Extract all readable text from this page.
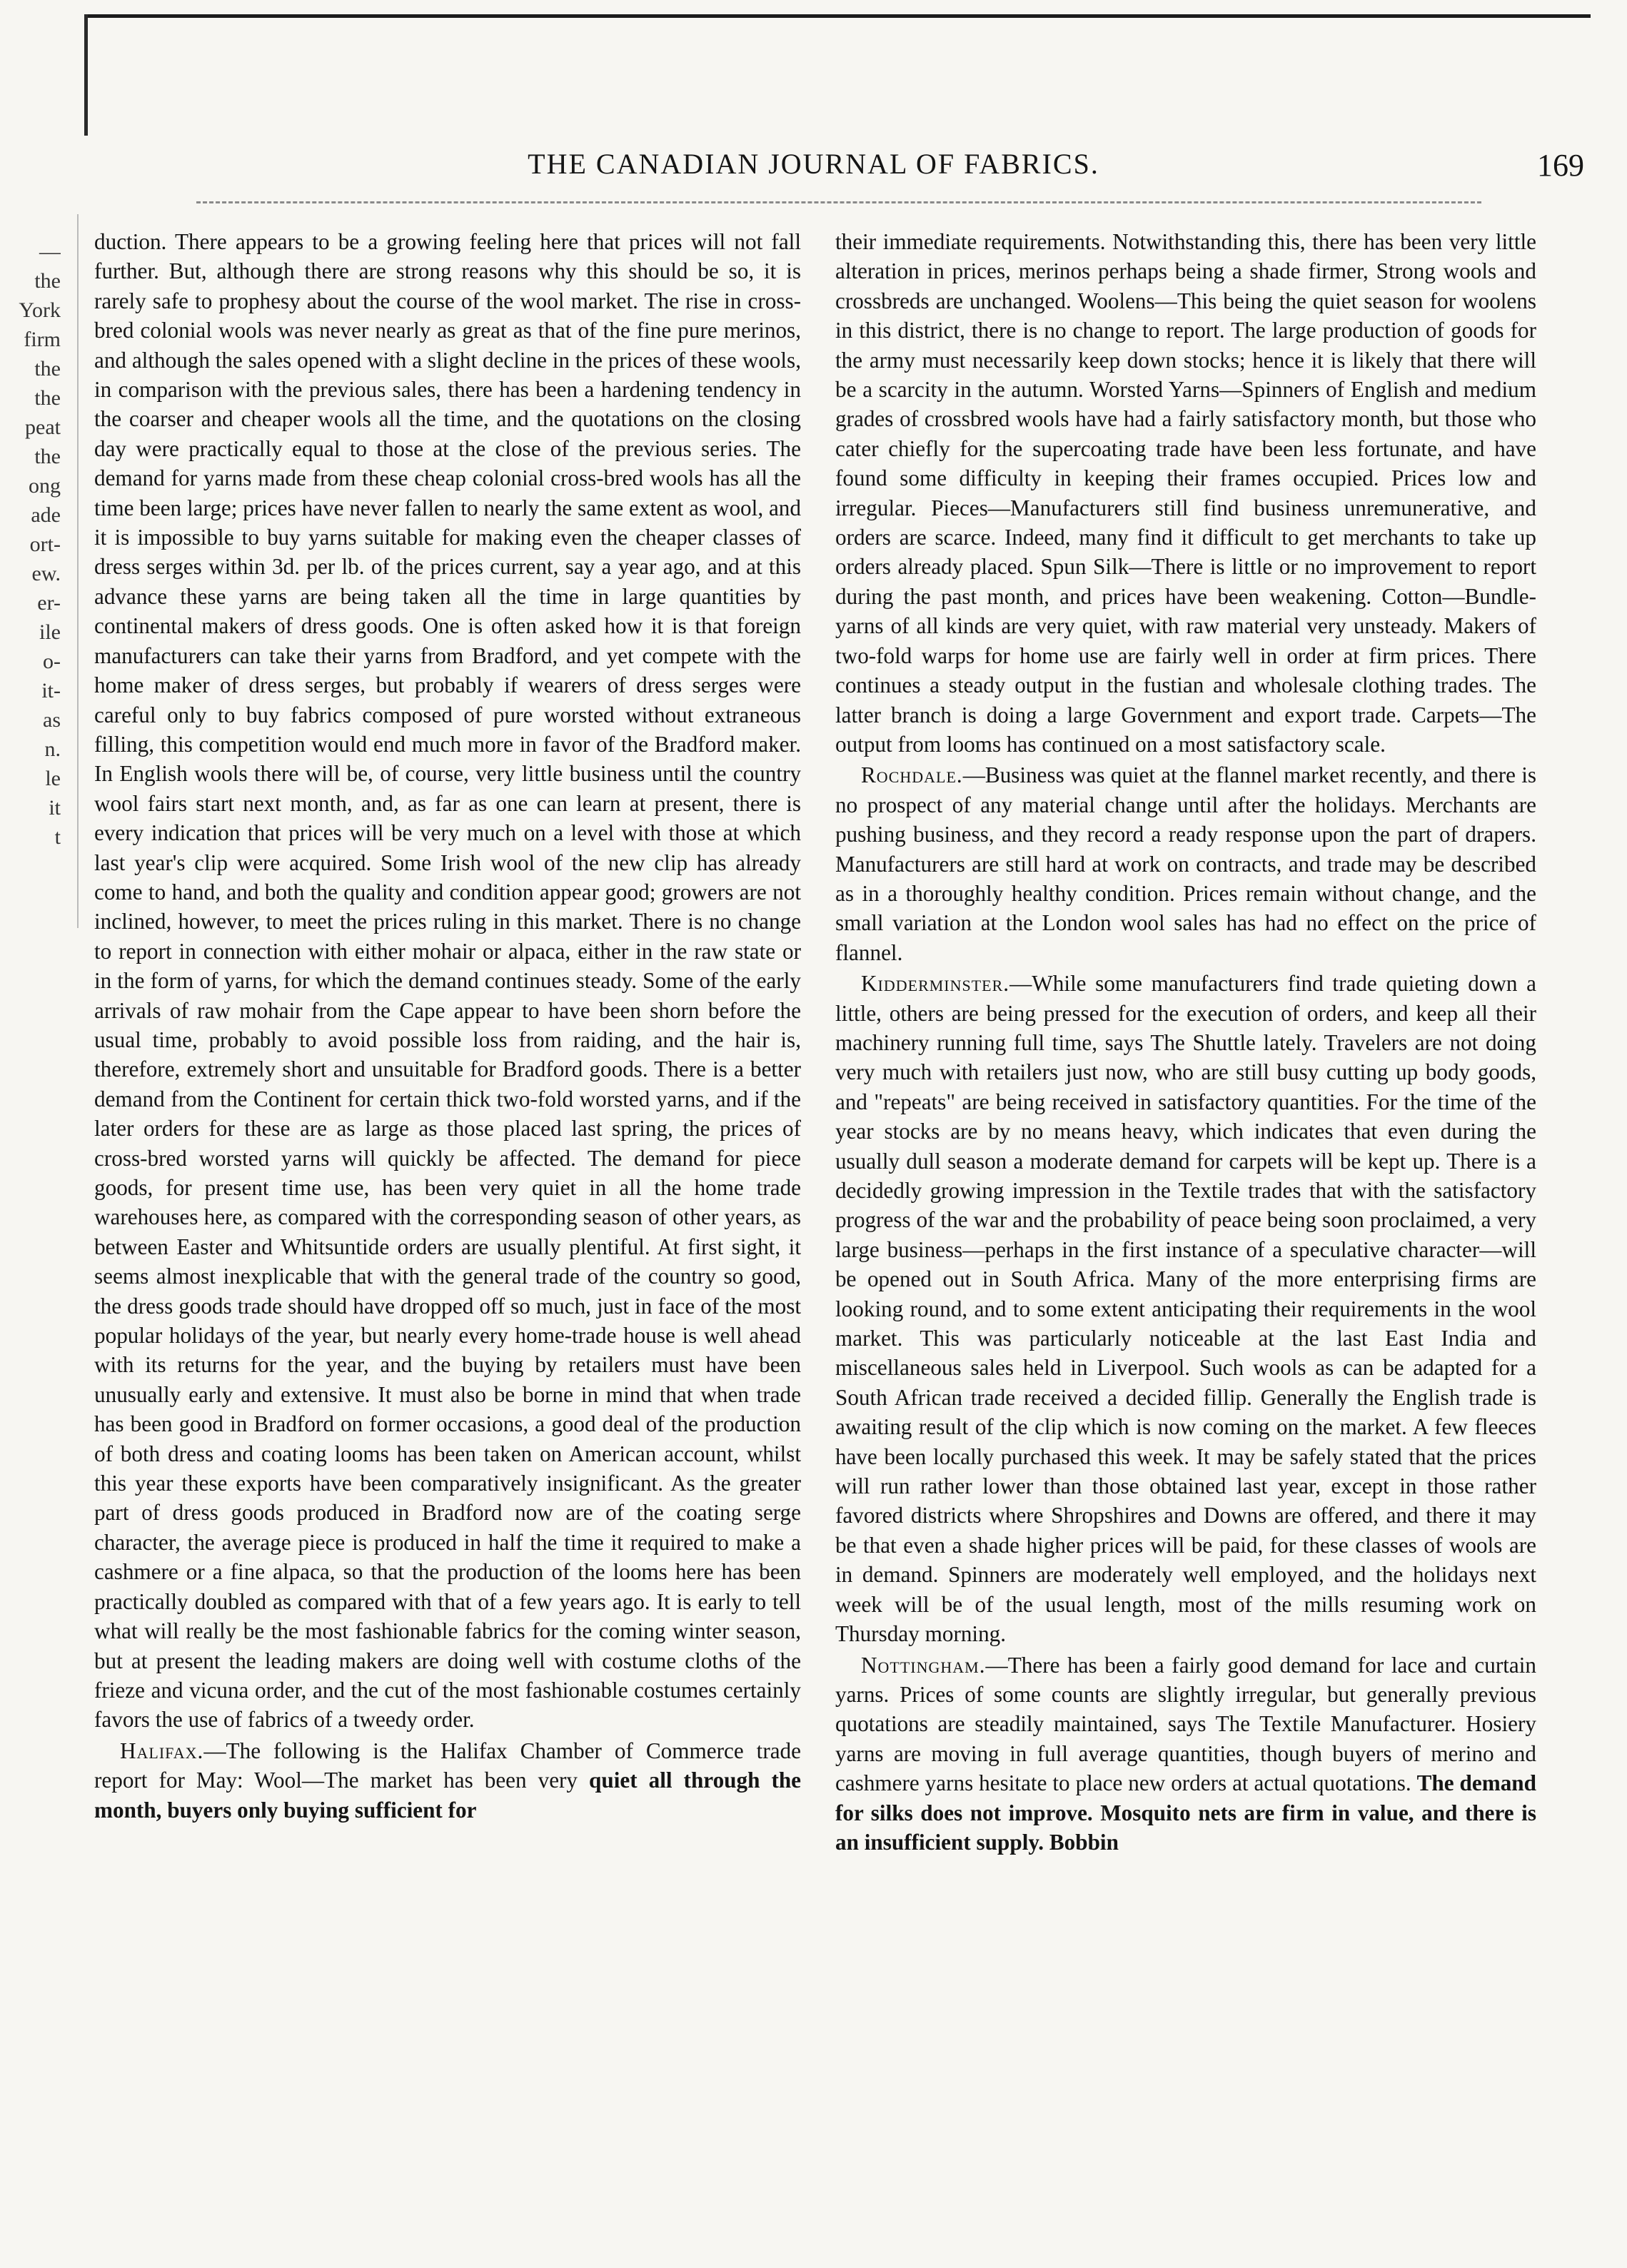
THE CANADIAN JOURNAL OF FABRICS.	169
—
the
York
firm
the
the
peat
the
ong
ade
ort-
ew.
er-
ile
o-
it-
as
n.
le
it
t

duction. There appears to be a growing feeling here that prices will not fall further. But, although there are strong reasons why this should be so, it is rarely safe to prophesy about the course of the wool market. The rise in cross-bred colonial wools was never nearly as great as that of the fine pure merinos, and although the sales opened with a slight decline in the prices of these wools, in comparison with the previous sales, there has been a hardening tendency in the coarser and cheaper wools all the time, and the quotations on the closing day were practically equal to those at the close of the previous series. The demand for yarns made from these cheap colonial cross-bred wools has all the time been large; prices have never fallen to nearly the same extent as wool, and it is impossible to buy yarns suitable for making even the cheaper classes of dress serges within 3d. per lb. of the prices current, say a year ago, and at this advance these yarns are being taken all the time in large quantities by continental makers of dress goods. One is often asked how it is that foreign manufacturers can take their yarns from Bradford, and yet compete with the home maker of dress serges, but probably if wearers of dress serges were careful only to buy fabrics composed of pure worsted without extraneous filling, this competition would end much more in favor of the Bradford maker. In English wools there will be, of course, very little business until the country wool fairs start next month, and, as far as one can learn at present, there is every indication that prices will be very much on a level with those at which last year's clip were acquired. Some Irish wool of the new clip has already come to hand, and both the quality and condition appear good; growers are not inclined, however, to meet the prices ruling in this market. There is no change to report in connection with either mohair or alpaca, either in the raw state or in the form of yarns, for which the demand continues steady. Some of the early arrivals of raw mohair from the Cape appear to have been shorn before the usual time, probably to avoid possible loss from raiding, and the hair is, therefore, extremely short and unsuitable for Bradford goods. There is a better demand from the Continent for certain thick two-fold worsted yarns, and if the later orders for these are as large as those placed last spring, the prices of cross-bred worsted yarns will quickly be affected. The demand for piece goods, for present time use, has been very quiet in all the home trade warehouses here, as compared with the corresponding season of other years, as between Easter and Whitsuntide orders are usually plentiful. At first sight, it seems almost inexplicable that with the general trade of the country so good, the dress goods trade should have dropped off so much, just in face of the most popular holidays of the year, but nearly every home-trade house is well ahead with its returns for the year, and the buying by retailers must have been unusually early and extensive. It must also be borne in mind that when trade has been good in Bradford on former occasions, a good deal of the production of both dress and coating looms has been taken on American account, whilst this year these exports have been comparatively insignificant. As the greater part of dress goods produced in Bradford now are of the coating serge character, the average piece is produced in half the time it required to make a cashmere or a fine alpaca, so that the production of the looms here has been practically doubled as compared with that of a few years ago. It is early to tell what will really be the most fashionable fabrics for the coming winter season, but at present the leading makers are doing well with costume cloths of the frieze and vicuna order, and the cut of the most fashionable costumes certainly favors the use of fabrics of a tweedy order.

Halifax.—The following is the Halifax Chamber of Commerce trade report for May: Wool—The market has been very quiet all through the month, buyers only buying sufficient for

their immediate requirements. Notwithstanding this, there has been very little alteration in prices, merinos perhaps being a shade firmer, Strong wools and crossbreds are unchanged. Woolens—This being the quiet season for woolens in this district, there is no change to report. The large production of goods for the army must necessarily keep down stocks; hence it is likely that there will be a scarcity in the autumn. Worsted Yarns—Spinners of English and medium grades of crossbred wools have had a fairly satisfactory month, but those who cater chiefly for the supercoating trade have been less fortunate, and have found some difficulty in keeping their frames occupied. Prices low and irregular. Pieces—Manufacturers still find business unremunerative, and orders are scarce. Indeed, many find it difficult to get merchants to take up orders already placed. Spun Silk—There is little or no improvement to report during the past month, and prices have been weakening. Cotton—Bundle-yarns of all kinds are very quiet, with raw material very unsteady. Makers of two-fold warps for home use are fairly well in order at firm prices. There continues a steady output in the fustian and wholesale clothing trades. The latter branch is doing a large Government and export trade. Carpets—The output from looms has continued on a most satisfactory scale.

Rochdale.—Business was quiet at the flannel market recently, and there is no prospect of any material change until after the holidays. Merchants are pushing business, and they record a ready response upon the part of drapers. Manufacturers are still hard at work on contracts, and trade may be described as in a thoroughly healthy condition. Prices remain without change, and the small variation at the London wool sales has had no effect on the price of flannel.

Kidderminster.—While some manufacturers find trade quieting down a little, others are being pressed for the execution of orders, and keep all their machinery running full time, says The Shuttle lately. Travelers are not doing very much with retailers just now, who are still busy cutting up body goods, and "repeats" are being received in satisfactory quantities. For the time of the year stocks are by no means heavy, which indicates that even during the usually dull season a moderate demand for carpets will be kept up. There is a decidedly growing impression in the Textile trades that with the satisfactory progress of the war and the probability of peace being soon proclaimed, a very large business—perhaps in the first instance of a speculative character—will be opened out in South Africa. Many of the more enterprising firms are looking round, and to some extent anticipating their requirements in the wool market. This was particularly noticeable at the last East India and miscellaneous sales held in Liverpool. Such wools as can be adapted for a South African trade received a decided fillip. Generally the English trade is awaiting result of the clip which is now coming on the market. A few fleeces have been locally purchased this week. It may be safely stated that the prices will run rather lower than those obtained last year, except in those rather favored districts where Shropshires and Downs are offered, and there it may be that even a shade higher prices will be paid, for these classes of wools are in demand. Spinners are moderately well employed, and the holidays next week will be of the usual length, most of the mills resuming work on Thursday morning.

Nottingham.—There has been a fairly good demand for lace and curtain yarns. Prices of some counts are slightly irregular, but generally previous quotations are steadily maintained, says The Textile Manufacturer. Hosiery yarns are moving in full average quantities, though buyers of merino and cashmere yarns hesitate to place new orders at actual quotations. The demand for silks does not improve. Mosquito nets are firm in value, and there is an insufficient supply. Bobbin
